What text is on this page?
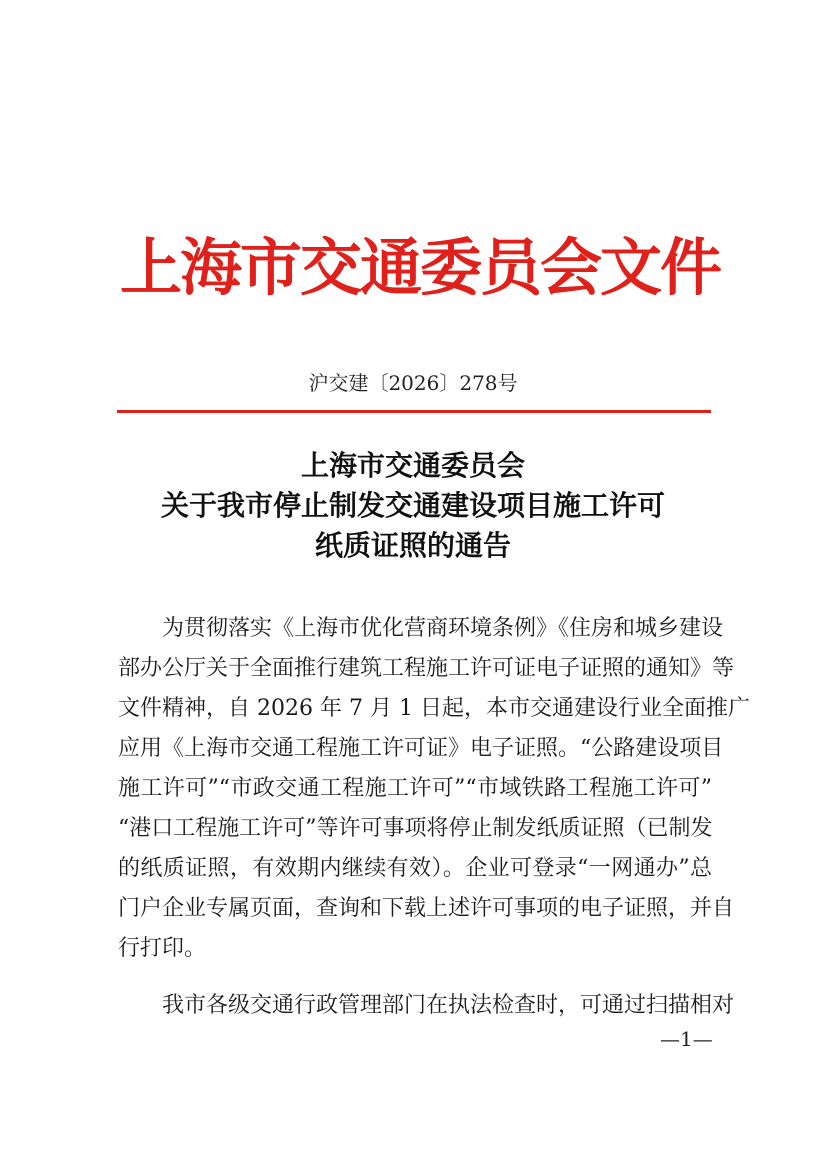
上海市交通委员会文件
沪交建〔2026〕278号
上海市交通委员会
关于我市停止制发交通建设项目施工许可
纸质证照的通告
为贯彻落实《上海市优化营商环境条例》《住房和城乡建设
部办公厅关于全面推行建筑工程施工许可证电子证照的通知》等
文件精神，自 2026 年 7 月 1 日起，本市交通建设行业全面推广
应用《上海市交通工程施工许可证》电子证照。“公路建设项目
施工许可”“市政交通工程施工许可”“市域铁路工程施工许可”
“港口工程施工许可”等许可事项将停止制发纸质证照（已制发
的纸质证照，有效期内继续有效）。企业可登录“一网通办”总
门户企业专属页面，查询和下载上述许可事项的电子证照，并自
行打印。
我市各级交通行政管理部门在执法检查时，可通过扫描相对
—1—
